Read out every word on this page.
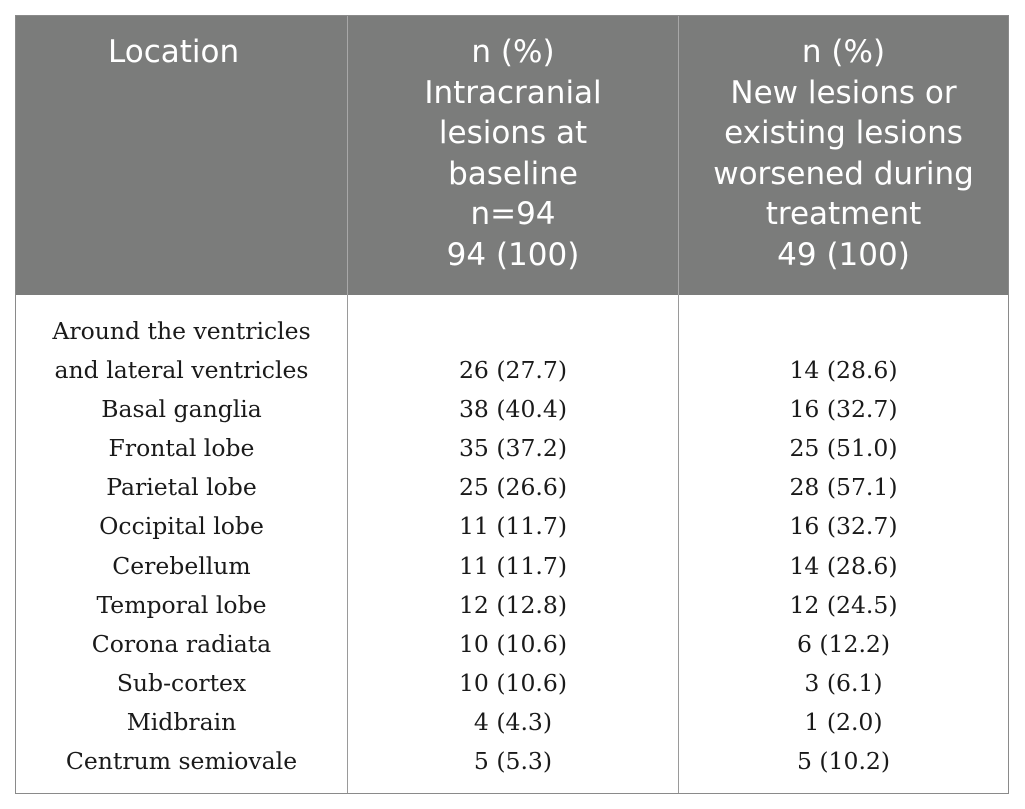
Location	n (%)
Intracranial
lesions at
baseline
n=94
94 (100)
n (%)
New lesions or
existing lesions
worsened during
treatment
49 (100)
Around the ventricles
and lateral ventricles
Basal ganglia
Frontal lobe
Parietal lobe
Occipital lobe
Cerebellum
Temporal lobe
Corona radiata
Sub-cortex
Midbrain
Centrum semiovale
26 (27.7)
38 (40.4)
35 (37.2)
25 (26.6)
11 (11.7)
11 (11.7)
12 (12.8)
10 (10.6)
10 (10.6)
4 (4.3)
5 (5.3)
14 (28.6)
16 (32.7)
25 (51.0)
28 (57.1)
16 (32.7)
14 (28.6)
12 (24.5)
6 (12.2)
3 (6.1)
1 (2.0)
5 (10.2)
